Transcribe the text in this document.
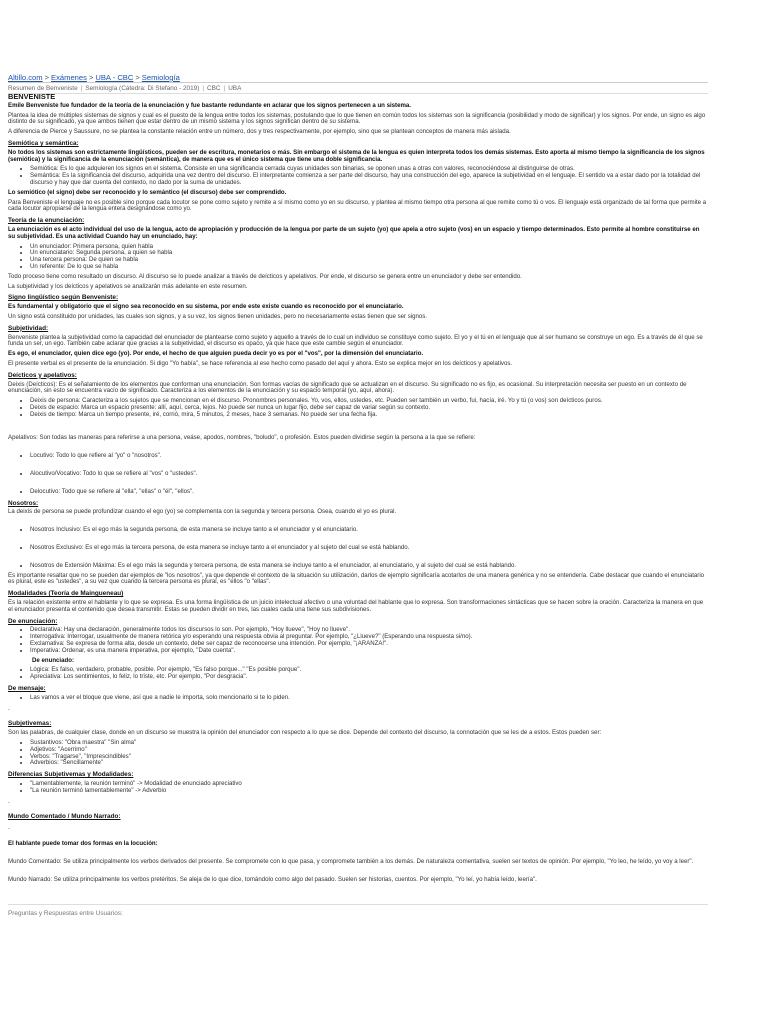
Altillo.com > Exámenes > UBA - CBC > Semiología
Resumen de Benveniste | Semiología (Cátedra: Di Stefano - 2019) | CBC | UBA
BENVENISTE

Emile Benveniste fue fundador de la teoría de la enunciación y fue bastante redundante en aclarar que los signos pertenecen a un sistema.

Plantea la idea de múltiples sistemas de signos y cual es el puesto de la lengua entre todos los sistemas, postulando que lo que tienen en común todos los sistemas son la significancia (posibilidad y modo de significar) y los signos. Por ende, un signo es algo distinto de su significado, ya que ambos tienen que estar dentro de un mismo sistema y los signos significan dentro de su sistema.

A diferencia de Pierce y Saussure, no se plantea la constante relación entre un número, dos y tres respectivamente, por ejemplo, sino que se plantean conceptos de manera más aislada.

Semiótica y semántica:

No todos los sistemas son estrictamente lingüísticos, pueden ser de escritura, monetarios o más. Sin embargo el sistema de la lengua es quien interpreta todos los demás sistemas. Esto aporta al mismo tiempo la significancia de los signos (semiótica) y la significancia de la enunciación (semántica), de manera que es el único sistema que tiene una doble significancia.

• Semiótica: Es lo que adquieren los signos en el sistema. Consiste en una significancia cerrada cuyas unidades son binarias, se oponen unas a otras con valores, reconociéndose al distinguirse de otras.
• Semántica: Es la significancia del discurso, adquirida una vez dentro del discurso. El interpretante comienza a ser parte del discurso, hay una construcción del ego, aparece la subjetividad en el lenguaje. El sentido va a estar dado por la totalidad del discurso y hay que dar cuenta del contexto, no dado por la suma de unidades.

Lo semiótico (el signo) debe ser reconocido y lo semántico (el discurso) debe ser comprendido.

Para Benveniste el lenguaje no es posible sino porque cada locutor se pone como sujeto y remite a sí mismo como yo en su discurso, y plantea al mismo tiempo otra persona al que remite como tú o vos. El lenguaje está organizado de tal forma que permite a cada locutor apropiarse de la lengua entera designándose como yo.

Teoría de la enunciación:

La enunciación es el acto individual del uso de la lengua, acto de apropiación y producción de la lengua por parte de un sujeto (yo) que apela a otro sujeto (vos) en un espacio y tiempo determinados. Esto permite al hombre constituirse en su subjetividad. Es una actividad Cuando hay un enunciado, hay:

• Un enunciador: Primera persona, quien habla
• Un enunciatario: Segunda persona, a quien se habla
• Una tercera persona: De quien se habla
• Un referente: De lo que se habla

Todo proceso tiene como resultado un discurso. Al discurso se lo puede analizar a través de deícticos y apelativos. Por ende, el discurso se genera entre un enunciador y debe ser entendido.

La subjetividad y los deícticos y apelativos se analizarán más adelante en este resumen.

Signo lingüístico según Benveniste:

Es fundamental y obligatorio que el signo sea reconocido en su sistema, por ende este existe cuando es reconocido por el enunciatario.

Un signo está constituido por unidades, las cuales son signos, y a su vez, los signos tienen unidades, pero no necesariamente estas tienen que ser signos.

Subjetividad:

Benveniste plantea la subjetividad como la capacidad del enunciador de plantearse como sujeto y aquello a través de lo cual un individuo se constituye como sujeto. El yo y el tú en el lenguaje que al ser humano se construye un ego. Es a través de él que se funda un ser, un ego. También cabe aclarar que gracias a la subjetividad, el discurso es opaco, ya que hace que este cambie según el enunciador.

Es ego, el enunciador, quien dice ego (yo). Por ende, el hecho de que alguien pueda decir yo es por el "vos", por la dimensión del enunciatario.

El presente verbal es el presente de la enunciación. Si digo "Yo había", se hace referencia al ese hecho como pasado del aquí y ahora. Esto se explica mejor en los deícticos y apelativos.

Deícticos y apelativos:

Deixis (Deícticos): Es el señalamiento de los elementos que conforman una enunciación. Son formas vacías de significado que se actualizan en el discurso. Su significado no es fijo, es ocasional. Su interpretación necesita ser puesto en un contexto de enunciación, sin esto se encuentra vacío de significado. Caracteriza a los elementos de la enunciación y su espacio temporal (yo, aquí, ahora).

• Deixis de persona: Caracteriza a los sujetos que se mencionan en el discurso. Pronombres personales. Yo, vos, ellos, ustedes, etc. Pueden ser también un verbo, fui, hacía, iré. Yo y tú (o vos) son deícticos puros.
• Deixis de espacio: Marca un espacio presente: allí, aquí, cerca, lejos. No puede ser nunca un lugar fijo, debe ser capaz de variar según su contexto.
• Deixis de tiempo: Marca un tiempo presente, iré, corrió, mira, 5 minutos, 2 meses, hace 3 semanas. No puede ser una fecha fija.

Apelativos: Son todas las maneras para referirse a una persona, veáse, apodos, nombres, "boludo", o profesión. Estos pueden dividirse según la persona a la que se refiere:

• Locutivo: Todo lo que refiere al "yo" o "nosotros".
• Alocutivo/Vocativo: Todo lo que se refiere al "vos" o "ustedes".
• Delocutivo: Todo que se refiere al "ella", "ellas" o "él", "ellos".
Nosotros:

La deixis de persona se puede profundizar cuando el ego (yo) se complementa con la segunda y tercera persona. Osea, cuando el yo es plural.

• Nosotros Inclusivo: Es el ego más la segunda persona, de esta manera se incluye tanto a el enunciador y el enunciatario.
• Nosotros Exclusivo: Es el ego más la tercera persona, de esta manera se incluye tanto a el enunciador y al sujeto del cual se está hablando.
• Nosotros de Extensión Máxima: Es el ego más la segunda y tercera persona, de esta manera se incluye tanto a el enunciador, al enunciatario, y al sujeto del cual se está hablando.

Es importante resaltar que no se pueden dar ejemplos de "los nosotros", ya que depende el contexto de la situación su utilización, darlos de ejemplo significaría acotarlos de una manera genérica y no se entendería. Cabe destacar que cuando el enunciatario es plural, este es "ustedes", a su vez que cuando la tercera persona es plural, es "ellos "o "ellas".

Modalidades (Teoría de Maingueneau)

Es la relación existente entre el hablante y lo que se expresa. Es una forma lingüística de un juicio intelectual afectivo o una voluntad del hablante que lo expresa. Son transformaciones sintácticas que se hacen sobre la oración. Caracteriza la manera en que el enunciador presenta el contenido que desea transmitir. Estas se pueden dividir en tres, las cuales cada una tiene sus subdivisiones.

De enunciación:
• Declarativa: Hay una declaración, generalmente todos los discursos lo son. Por ejemplo, "Hoy llueve", "Hoy no llueve".
• Interrogativa: Interrogar, usualmente de manera retórica y/o esperando una respuesta obvia al preguntar. Por ejemplo, "¿Llueve?" (Esperando una respuesta si/no).
• Exclamativa: Se expresa de forma alta, desde un contexto, debe ser capaz de reconocerse una intención. Por ejemplo, "¡ARANZA!".
• Imperativa: Ordenar, es una manera imperativa, por ejemplo, "Date cuenta".

De enunciado:

• Lógica: Es falso, verdadero, probable, posible. Por ejemplo, "Es falso porque..." "Es posible porque".
• Apreciativa: Los sentimientos, lo feliz, lo triste, etc. Por ejemplo, "Por desgracia".
De mensaje:
• Las vamos a ver el bloque que viene, así que a nadie le importa, solo mencionarlo si te lo piden.
-
Subjetivemas:

Son las palabras, de cualquier clase, donde en un discurso se muestra la opinión del enunciador con respecto a lo que se dice. Depende del contexto del discurso, la connotación que se les de a estos. Estos pueden ser:

• Sustantivos: "Obra maestra" "Sin alma"
• Adjetivos: "Acerrimo"
• Verbos: "Tragarse", "Imprescindibles"
• Adverbios: "Sencillamente"
Diferencias Subjetivemas y Modalidades:
• "Lamentablemente, la reunión terminó" -> Modalidad de enunciado apreciativo
• "La reunión terminó lamentablemente" -> Adverbio
-
Mundo Comentado / Mundo Narrado:
-

El hablante puede tomar dos formas en la locución:

Mundo Comentado: Se utiliza principalmente los verbos derivados del presente. Se compromete con lo que pasa, y compromete también a los demás. De naturaleza comentativa, suelen ser textos de opinión. Por ejemplo, "Yo leo, he leído, yo voy a leer".

Mundo Narrado: Se utiliza principalmente los verbos pretéritos. Se aleja de lo que dice, tomándolo como algo del pasado. Suelen ser historias, cuentos. Por ejemplo, "Yo leí, yo había leído, leería".

Preguntas y Respuestas entre Usuarios:
